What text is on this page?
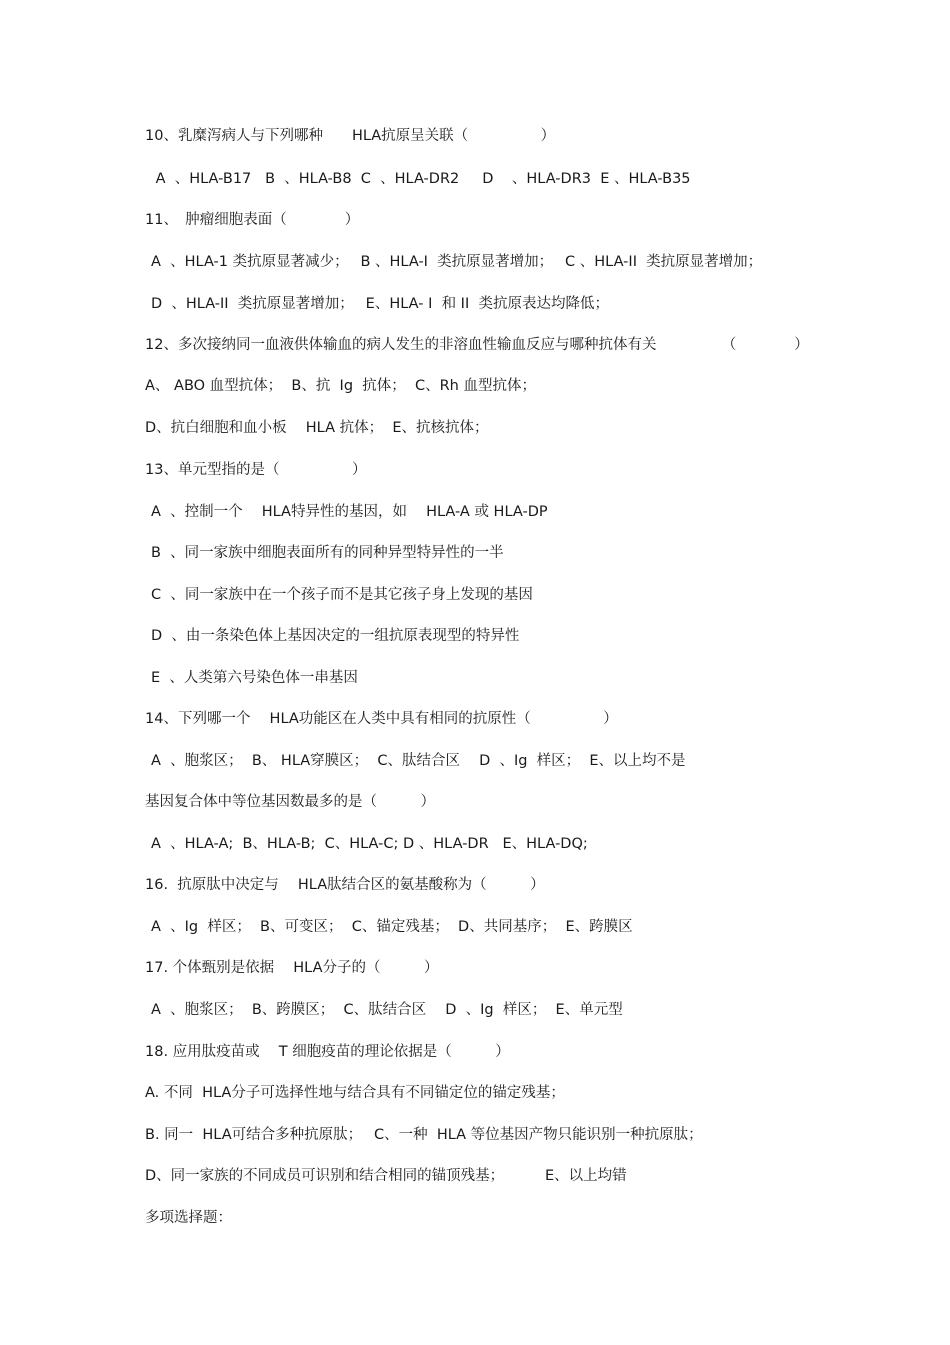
10、乳糜泻病人与下列哪种　　HLA抗原呈关联（　　　　　）
A  、HLA-B17   B  、HLA-B8  C  、HLA-DR2     D    、HLA-DR3  E 、HLA-B35
11、　肿瘤细胞表面（　　　　）
A  、HLA-1 类抗原显著减少；　 B 、HLA-I  类抗原显著增加；　 C 、HLA-II  类抗原显著增加；
D  、HLA-II  类抗原显著增加；　 E、HLA- I  和 II  类抗原表达均降低；
12、多次接纳同一血液供体输血的病人发生的非溶血性输血反应与哪种抗体有关　　　　　（　　　　）
A、 ABO 血型抗体；  B、抗  Ig  抗体；  C、Rh 血型抗体；
D、抗白细胞和血小板　 HLA 抗体；  E、抗核抗体；
13、单元型指的是（　　　　　）
A  、控制一个　 HLA特异性的基因，如　 HLA-A 或 HLA-DP
B  、同一家族中细胞表面所有的同种异型特异性的一半
C  、同一家族中在一个孩子而不是其它孩子身上发现的基因
D  、由一条染色体上基因决定的一组抗原表现型的特异性
E  、人类第六号染色体一串基因
14、下列哪一个　 HLA功能区在人类中具有相同的抗原性（　　　　　）
A  、胞浆区；  B、 HLA穿膜区；  C、肽结合区　 D  、Ig  样区；  E、以上均不是
基因复合体中等位基因数最多的是（　　　）
A  、HLA-A;  B、HLA-B;  C、HLA-C; D 、HLA-DR   E、HLA-DQ;
16.  抗原肽中决定与　 HLA肽结合区的氨基酸称为（　　　）
A  、Ig  样区；  B、可变区；  C、锚定残基；  D、共同基序；  E、跨膜区
17. 个体甄别是依据　 HLA分子的（　　　）
A  、胞浆区；  B、跨膜区；  C、肽结合区　 D  、Ig  样区；  E、单元型
18. 应用肽疫苗或　 T 细胞疫苗的理论依据是（　　　）
A. 不同  HLA分子可选择性地与结合具有不同锚定位的锚定残基；
B. 同一  HLA可结合多种抗原肽；　 C、一种  HLA 等位基因产物只能识别一种抗原肽；
D、同一家族的不同成员可识别和结合相同的锚顶残基；　　　 E、以上均错
多项选择题：
